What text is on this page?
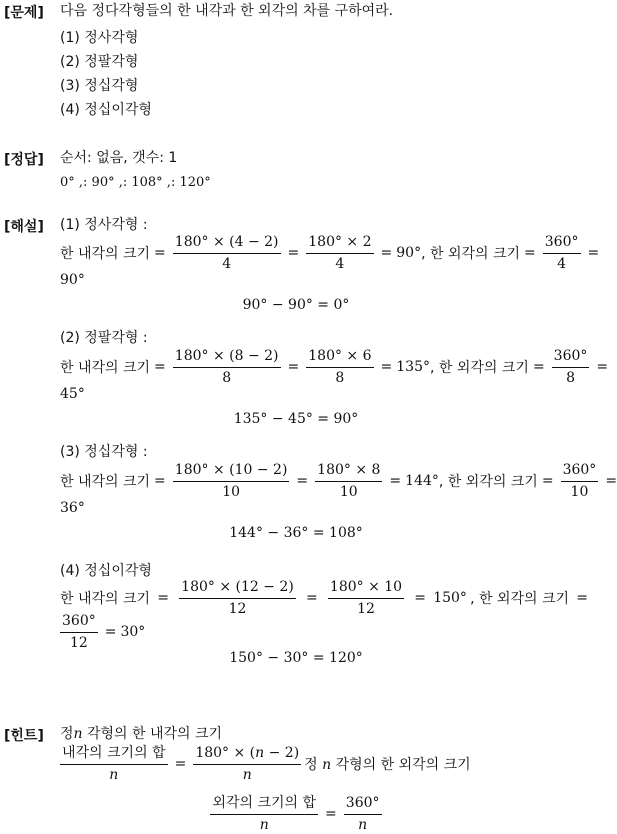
[문제] 다음 정다각형들의 한 내각과 한 외각의 차를 구하여라.
(1) 정사각형
(2) 정팔각형
(3) 정십각형
(4) 정십이각형
[정답] 순서: 없음, 갯수: 1
0° ,: 90° ,: 108° ,: 120°
[해설] (1) 정사각형 :
한 내각의 크기 = $\frac{180^\circ \times (4 - 2)}{4} = \frac{180^\circ \times 2}{4} = 90^\circ$ , 한 외각의 크기 = $\frac{360^\circ}{4}$ =
90°
90° − 90° = 0°
(2) 정팔각형 :
한 내각의 크기 = $\frac{180^\circ \times (8 - 2)}{8} = \frac{180^\circ \times 6}{8} = 135^\circ$ , 한 외각의 크기 = $\frac{360^\circ}{8}$ =
45°
135° − 45° = 90°
(3) 정십각형 :
한 내각의 크기 = $\frac{180^\circ \times (10 - 2)}{10} = \frac{180^\circ \times 8}{10} = 144^\circ$ , 한 외각의 크기 = $\frac{360^\circ}{10}$ =
36°
144° − 36° = 108°
(4) 정십이각형
한 내각의 크기 = $\frac{180^\circ \times (12 - 2)}{12} = \frac{180^\circ \times 10}{12} = 150^\circ$ , 한 외각의 크기 =
$\frac{360^\circ}{12} = 30^\circ$
150° − 30° = 120°
[힌트] 정n 각형의 한 내각의 크기
$\frac{\text{내각의 크기의 합}}{n} = \frac{180^\circ \times (n - 2)}{n}$ 정 n 각형의 한 외각의 크기
$\frac{\text{외각의 크기의 합}}{n} = \frac{360^\circ}{n}$
